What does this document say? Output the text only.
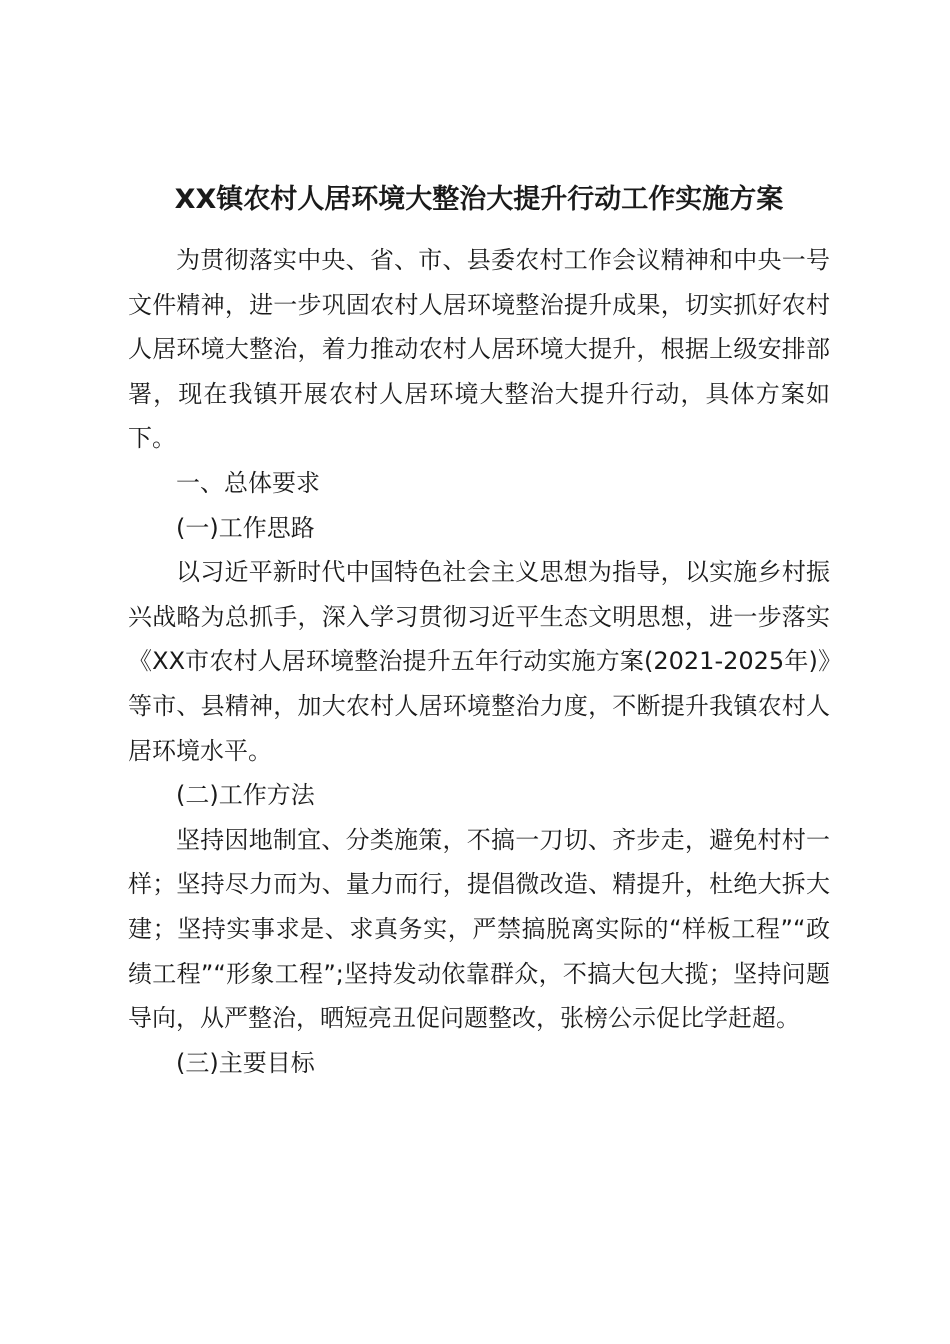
XX镇农村人居环境大整治大提升行动工作实施方案

为贯彻落实中央、省、市、县委农村工作会议精神和中央一号文件精神，进一步巩固农村人居环境整治提升成果，切实抓好农村人居环境大整治，着力推动农村人居环境大提升，根据上级安排部署，现在我镇开展农村人居环境大整治大提升行动，具体方案如下。

一、总体要求

(一)工作思路

以习近平新时代中国特色社会主义思想为指导，以实施乡村振兴战略为总抓手，深入学习贯彻习近平生态文明思想，进一步落实《XX市农村人居环境整治提升五年行动实施方案(2021-2025年)》等市、县精神，加大农村人居环境整治力度，不断提升我镇农村人居环境水平。

(二)工作方法

坚持因地制宜、分类施策，不搞一刀切、齐步走，避免村村一样；坚持尽力而为、量力而行，提倡微改造、精提升，杜绝大拆大建；坚持实事求是、求真务实，严禁搞脱离实际的“样板工程”“政绩工程”“形象工程”;坚持发动依靠群众，不搞大包大揽；坚持问题导向，从严整治，晒短亮丑促问题整改，张榜公示促比学赶超。

(三)主要目标
